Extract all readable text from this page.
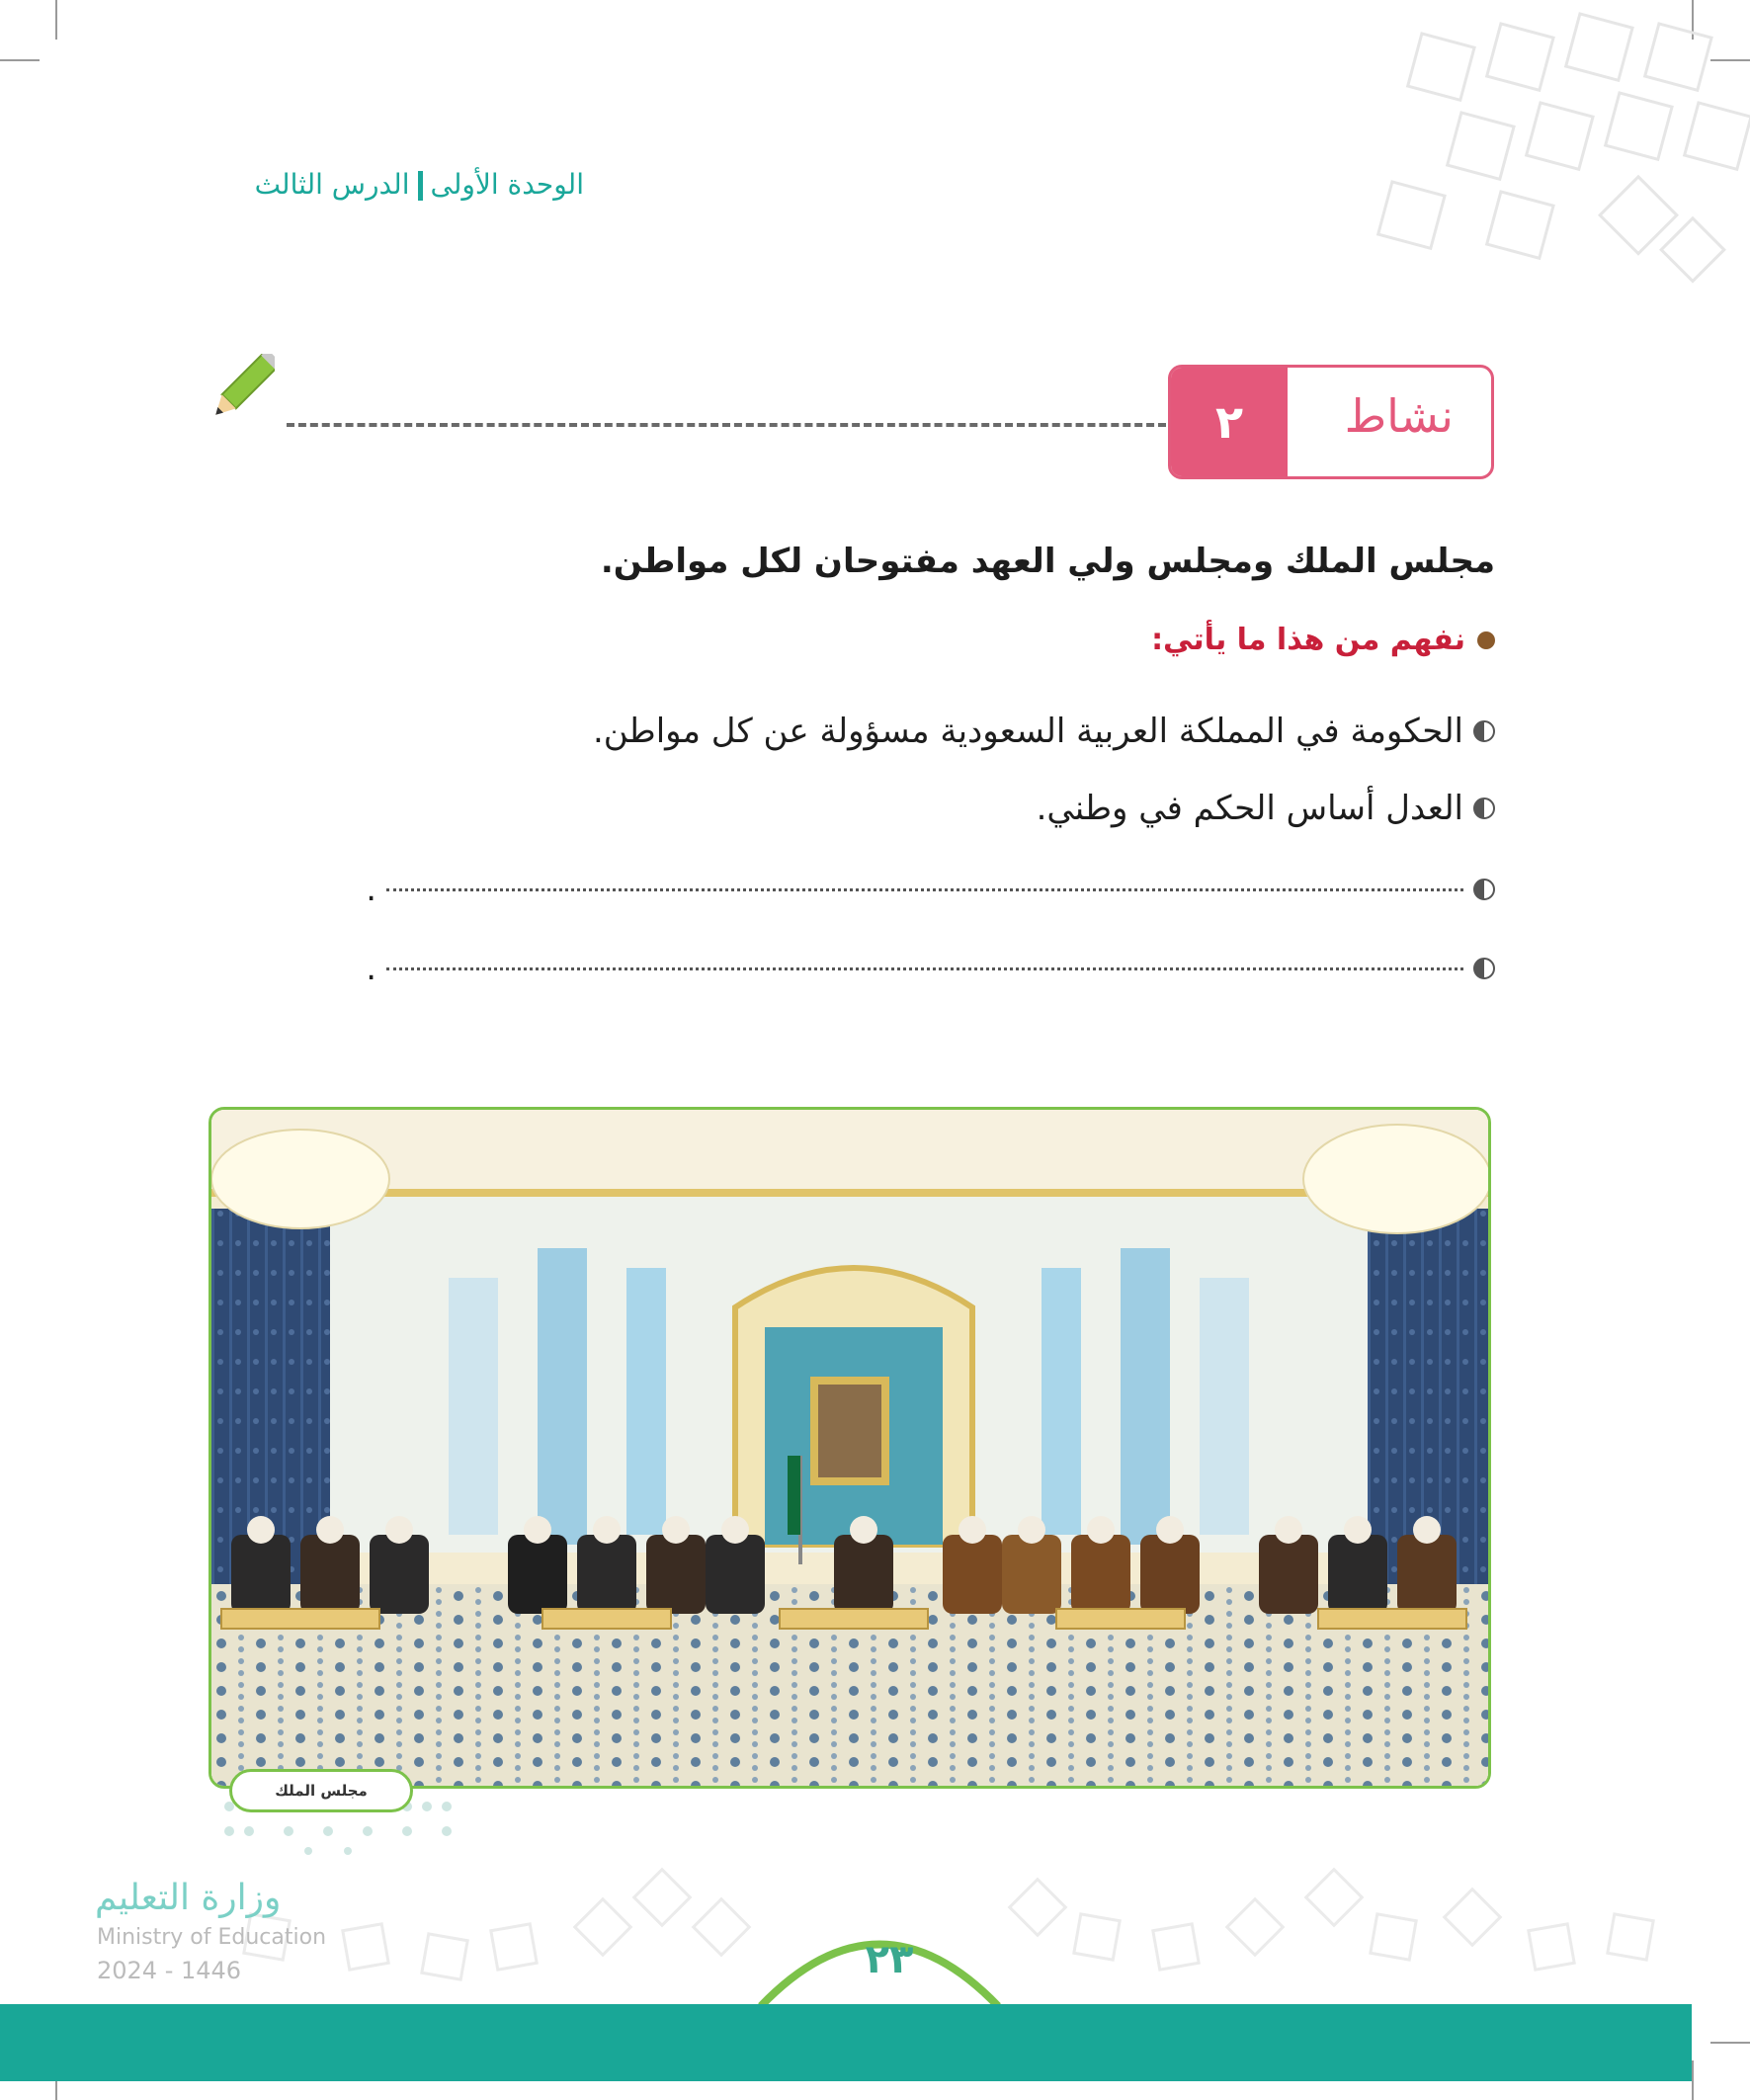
الوحدة الأولىالدرس الثالث
٢	نشاط
مجلس الملك ومجلس ولي العهد مفتوحان لكل مواطن.
نفهم من هذا ما يأتي:
الحكومة في المملكة العربية السعودية مسؤولة عن كل مواطن.
العدل أساس الحكم في وطني.
.
.
مجلس الملك
وزارة التعليم
Ministry of Education
2024 - 1446	٢٣
